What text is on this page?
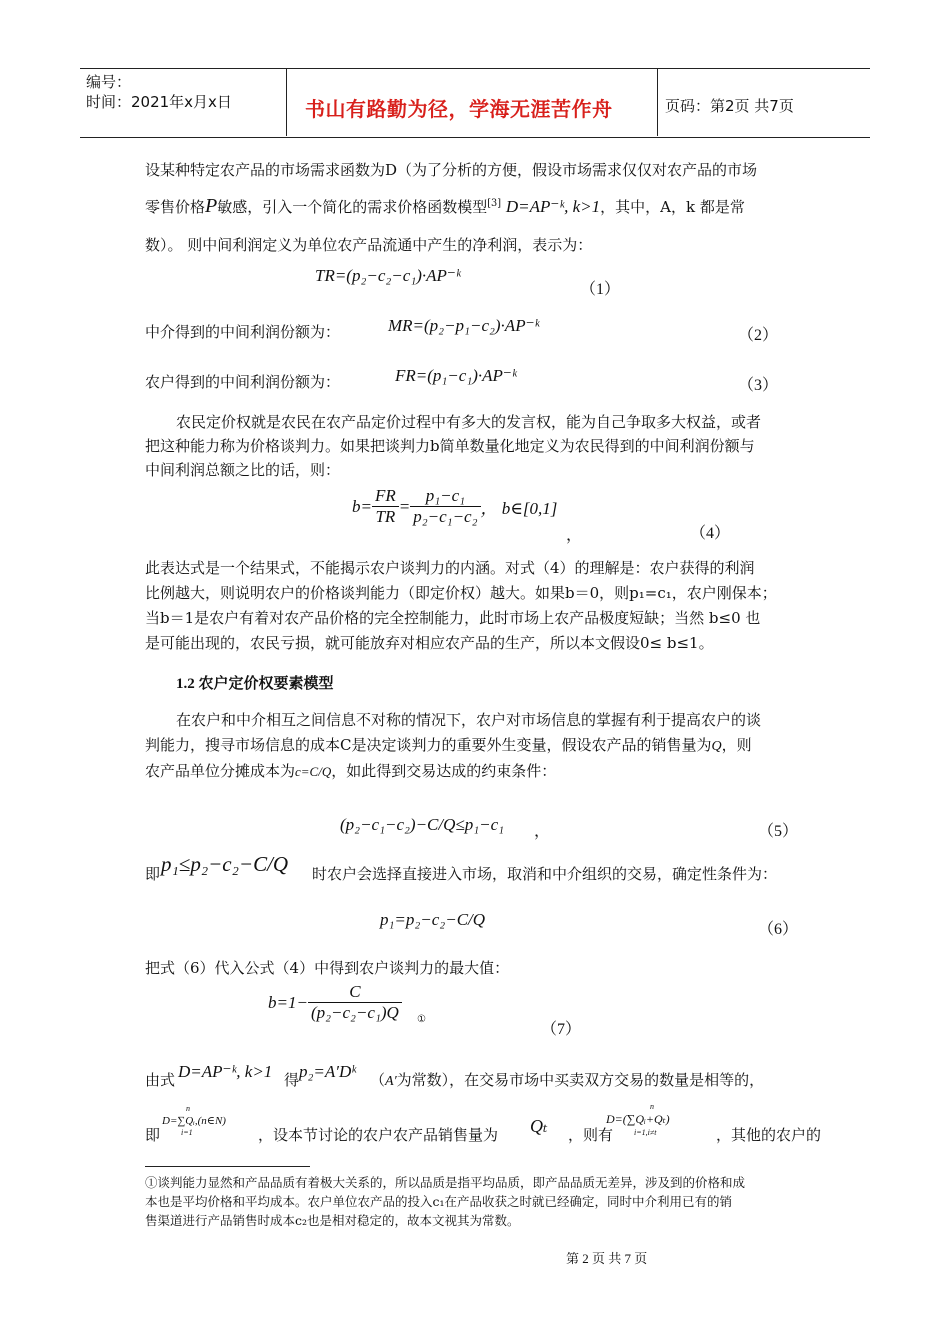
编号：
时间：2021年x月x日	书山有路勤为径，学海无涯苦作舟	页码：第2页 共7页
设某种特定农产品的市场需求函数为D（为了分析的方便，假设市场需求仅仅对农产品的市场
零售价格P敏感，引入一个简化的需求价格函数模型[3] D=AP⁻ᵏ, k>1，其中，A，k 都是常
数）。 则中间利润定义为单位农产品流通中产生的净利润，表示为：
TR=(p₂−c₂−c₁)·AP⁻ᵏ
（1）
中介得到的中间利润份额为：	MR=(p₂−p₁−c₂)·AP⁻ᵏ
（2）
农户得到的中间利润份额为：	FR=(p₁−c₁)·AP⁻ᵏ
（3）
农民定价权就是农民在农产品定价过程中有多大的发言权，能为自己争取多大权益，或者
把这种能力称为价格谈判力。如果把谈判力b简单数量化地定义为农民得到的中间利润份额与
中间利润总额之比的话，则：
$b= \frac{FR}{TR} = \frac{\text{p₁−c₁}}{\text{p₂−c₁−c₂}}$ ， b∈[0,1]
，	（4）
此表达式是一个结果式，不能揭示农户谈判力的内涵。对式（4）的理解是：农户获得的利润
比例越大，则说明农户的价格谈判能力（即定价权）越大。如果b＝0，则p₁=c₁，农户刚保本；
当b＝1是农户有着对农产品价格的完全控制能力，此时市场上农产品极度短缺；当然 b≤0 也
是可能出现的，农民亏损，就可能放弃对相应农产品的生产，所以本文假设0≤ b≤1。
1.2 农户定价权要素模型
在农户和中介相互之间信息不对称的情况下，农户对市场信息的掌握有利于提高农户的谈
判能力，搜寻市场信息的成本C是决定谈判力的重要外生变量，假设农产品的销售量为Q，则
农产品单位分摊成本为c=C/Q，如此得到交易达成的约束条件：
(p₂−c₁−c₂)−C/Q≤p₁−c₁ ，	（5）
即 p₁≤p₂−c₂−C/Q 时农户会选择直接进入市场，取消和中介组织的交易，确定性条件为：
p₁=p₂−c₂−C/Q
（6）
把式（6）代入公式（4）中得到农户谈判力的最大值：
$b=1- \frac{C}{\text{(p₂−c₂−c₁)Q}}$ ①
（7）
由式 D=AP⁻ᵏ, k>1 得 p₂=A′Dᵏ （A′为常数），在交易市场中买卖双方交易的数量是相等的，
即
D=∑Qᵢ,(n∈N)
n
i=1	，设本节讨论的农户农产品销售量为 Qₜ ，则有
D=(∑Qᵢ+Qₜ)
n
i=1,i≠t	，其他的农户的
①谈判能力显然和产品品质有着极大关系的，所以品质是指平均品质，即产品品质无差异，涉及到的价格和成
本也是平均价格和平均成本。农户单位农产品的投入c₁在产品收获之时就已经确定，同时中介利用已有的销
售渠道进行产品销售时成本c₂也是相对稳定的，故本文视其为常数。
第 2 页 共 7 页
